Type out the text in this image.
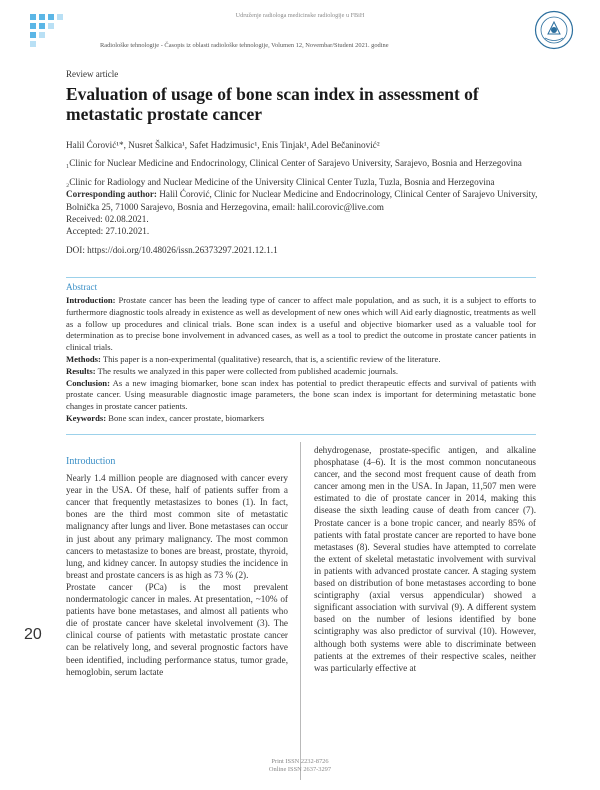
Udruženje radiologa medicinske radiologije u FBiH
Radiološke tehnologije - Časopis iz oblasti radiološke tehnologije, Volumen 12, Novembar/Studeni 2021. godine
Review article
Evaluation of usage of bone scan index in assessment of metastatic prostate cancer

Halil Ćorović¹*, Nusret Šalkica¹, Safet Hadzimusic¹, Enis Tinjak¹, Adel Bečaninović²

₁Clinic for Nuclear Medicine and Endocrinology, Clinical Center of Sarajevo University, Sarajevo, Bosnia and Herzegovina

₂Clinic for Radiology and Nuclear Medicine of the University Clinical Center Tuzla, Tuzla, Bosnia and Herzegovina

Corresponding author: Halil Ćorović, Clinic for Nuclear Medicine and Endocrinology, Clinical Center of Sarajevo University, Bolnička 25, 71000 Sarajevo, Bosnia and Herzegovina, email: halil.corovic@live.com

Received: 02.08.2021.

Accepted: 27.10.2021.

DOI: https://doi.org/10.48026/issn.26373297.2021.12.1.1

Abstract

Introduction: Prostate cancer has been the leading type of cancer to affect male population, and as such, it is a subject to efforts to furthermore diagnostic tools already in existence as well as development of new ones which will Aid early diagnostic, treatments as well as a follow up procedures and clinical trials. Bone scan index is a useful and objective biomarker used as a valuable tool for determination as to precise bone involvement in advanced cases, as well as a tool to predict the outcome in prostate cancer patients in clinical trials.

Methods: This paper is a non-experimental (qualitative) research, that is, a scientific review of the literature.

Results: The results we analyzed in this paper were collected from published academic journals.

Conclusion: As a new imaging biomarker, bone scan index has potential to predict therapeutic effects and survival of patients with prostate cancer. Using measurable diagnostic image parameters, the bone scan index is important for determining metastatic bone changes in prostate cancer patients.

Keywords: Bone scan index, cancer prostate, biomarkers

Introduction

Nearly 1.4 million people are diagnosed with cancer every year in the USA. Of these, half of patients suffer from a cancer that frequently metastasizes to bones (1). In fact, bones are the third most common site of metastatic malignancy after lungs and liver. Bone metastases can occur in just about any primary malignancy. The most common cancers to metastasize to bones are breast, prostate, thyroid, lung, and kidney cancer. In autopsy studies the incidence in breast and prostate cancers is as high as 73 % (2).

Prostate cancer (PCa) is the most prevalent nondermatologic cancer in males. At presentation, ~10% of patients have bone metastases, and almost all patients who die of prostate cancer have skeletal involvement (3). The clinical course of patients with metastatic prostate cancer can be relatively long, and several prognostic factors have been identified, including performance status, tumor grade, hemoglobin, serum lactate

dehydrogenase, prostate-specific antigen, and alkaline phosphatase (4–6). It is the most common noncutaneous cancer, and the second most frequent cause of death from cancer among men in the USA. In Japan, 11,507 men were estimated to die of prostate cancer in 2014, making this disease the sixth leading cause of death from cancer (7). Prostate cancer is a bone tropic cancer, and nearly 85% of patients with fatal prostate cancer are reported to have bone metastases (8). Several studies have attempted to correlate the extent of skeletal metastatic involvement with survival in patients with advanced prostate cancer. A staging system based on distribution of bone metastases according to bone scintigraphy (axial versus appendicular) showed a significant association with survival (9). A different system based on the number of lesions identified by bone scintigraphy was also predictor of survival (10). However, although both systems were able to discriminate between patients at the extremes of their respective scales, neither was particularly effective at

20
Print ISSN 2232-8726
Online ISSN 2637-3297
